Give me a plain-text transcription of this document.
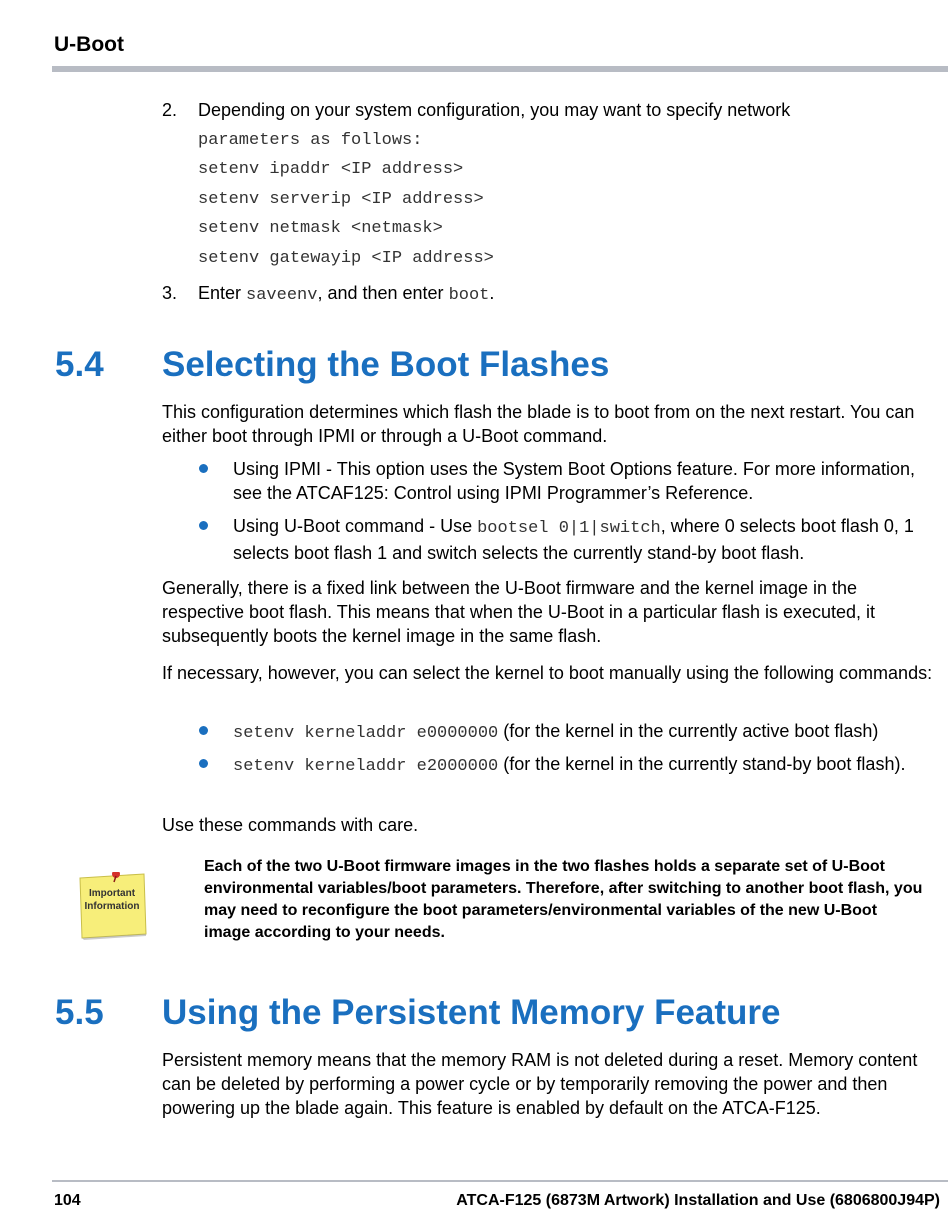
U-Boot
2. Depending on your system configuration, you may want to specify network
parameters as follows:
setenv ipaddr <IP address>
setenv serverip <IP address>
setenv netmask <netmask>
setenv gatewayip <IP address>
3. Enter saveenv, and then enter boot.
5.4 Selecting the Boot Flashes
This configuration determines which flash the blade is to boot from on the next restart. You can either boot through IPMI or through a U-Boot command.
Using IPMI - This option uses the System Boot Options feature. For more information, see the ATCAF125: Control using IPMI Programmer’s Reference.
Using U-Boot command - Use bootsel 0|1|switch, where 0 selects boot flash 0, 1 selects boot flash 1 and switch selects the currently stand-by boot flash.
Generally, there is a fixed link between the U-Boot firmware and the kernel image in the respective boot flash. This means that when the U-Boot in a particular flash is executed, it subsequently boots the kernel image in the same flash.
If necessary, however, you can select the kernel to boot manually using the following commands:
setenv kerneladdr e0000000 (for the kernel in the currently active boot flash)
setenv kerneladdr e2000000 (for the kernel in the currently stand-by boot flash).
Use these commands with care.
Important
Information
Each of the two U-Boot firmware images in the two flashes holds a separate set of U-Boot environmental variables/boot parameters. Therefore, after switching to another boot flash, you may need to reconfigure the boot parameters/environmental variables of the new U-Boot image according to your needs.
5.5 Using the Persistent Memory Feature
Persistent memory means that the memory RAM is not deleted during a reset. Memory content can be deleted by performing a power cycle or by temporarily removing the power and then powering up the blade again. This feature is enabled by default on the ATCA-F125.
104	ATCA-F125 (6873M Artwork) Installation and Use (6806800J94P)
